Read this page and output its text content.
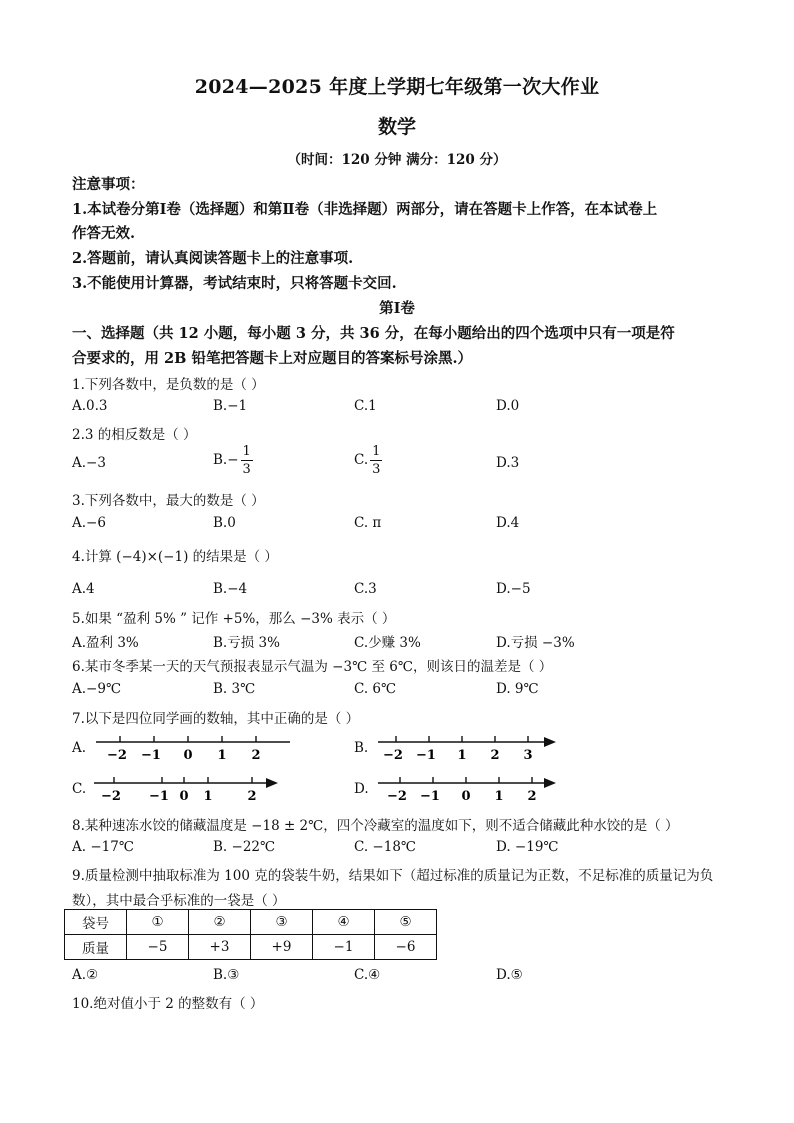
2024—2025 年度上学期七年级第一次大作业
数学
（时间：120 分钟 满分：120 分）
注意事项：
1.本试卷分第Ⅰ卷（选择题）和第Ⅱ卷（非选择题）两部分，请在答题卡上作答，在本试卷上
作答无效.
2.答题前，请认真阅读答题卡上的注意事项.
3.不能使用计算器，考试结束时，只将答题卡交回.
第Ⅰ卷
一、选择题（共 12 小题，每小题 3 分，共 36 分，在每小题给出的四个选项中只有一项是符
合要求的，用 2B 铅笔把答题卡上对应题目的答案标号涂黑.）
1.下列各数中，是负数的是（ ）
A.0.3	B.−1	C.1	D.0
2.3 的相反数是（ ）
A.−3	$B.- \frac{1}{3}$	C. $\frac{1}{3}$	D.3
3.下列各数中，最大的数是（ ）
A.−6	B.0	C. π	D.4
4.计算 (−4)×(−1) 的结果是（ ）
A.4	B.−4	C.3	D.−5
5.如果 “盈利 5% ” 记作 +5%，那么 −3% 表示（ ）
A.盈利 3%	B.亏损 3%	C.少赚 3%	D.亏损 −3%
6.某市冬季某一天的天气预报表显示气温为 −3℃ 至 6℃，则该日的温差是（ ）
A.−9℃	B. 3℃	C. 6℃	D. 9℃
7.以下是四位同学画的数轴，其中正确的是（ ）
A. −2 −1 0 1 2	B. −2 −1 1 2 3
C. −2 −1 0 1	2	D. −2 −1 0 1 2
8.某种速冻水饺的储藏温度是 −18 ± 2℃，四个冷藏室的温度如下，则不适合储藏此种水饺的是（ ）
A. −17℃	B. −22℃	C. −18℃	D. −19℃
9.质量检测中抽取标准为 100 克的袋装牛奶，结果如下（超过标准的质量记为正数，不足标准的质量记为负
数），其中最合乎标准的一袋是（ ）
袋号	①	②	③	④	⑤
质量	−5	+3	+9	−1	−6
A.②	B.③	C.④	D.⑤
10.绝对值小于 2 的整数有（ ）
